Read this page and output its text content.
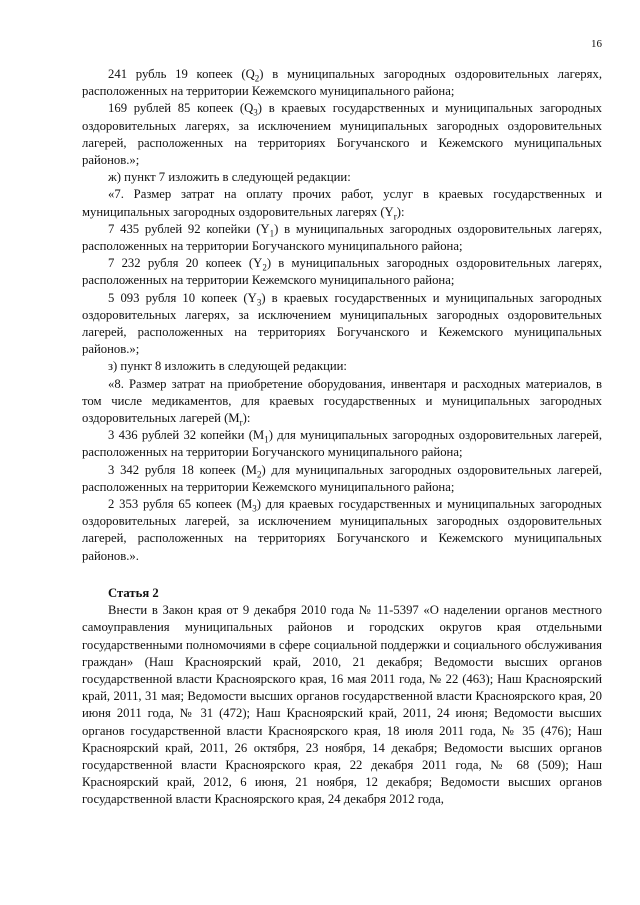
16

241 рубль 19 копеек $(Q_2)$ в муниципальных загородных оздоровительных лагерях, расположенных на территории Кежемского муниципального района;

169 рублей 85 копеек $(Q_3)$ в краевых государственных и муниципальных загородных оздоровительных лагерях, за исключением муниципальных загородных оздоровительных лагерей, расположенных на территориях Богучанского и Кежемского муниципальных районов.»;

ж) пункт 7 изложить в следующей редакции:

«7. Размер затрат на оплату прочих работ, услуг в краевых государственных и муниципальных загородных оздоровительных лагерях $(Y_r)$:

7 435 рублей 92 копейки $(Y_1)$ в муниципальных загородных оздоровительных лагерях, расположенных на территории Богучанского муниципального района;

7 232 рубля 20 копеек $(Y_2)$ в муниципальных загородных оздоровительных лагерях, расположенных на территории Кежемского муниципального района;

5 093 рубля 10 копеек $(Y_3)$ в краевых государственных и муниципальных загородных оздоровительных лагерях, за исключением муниципальных загородных оздоровительных лагерей, расположенных на территориях Богучанского и Кежемского муниципальных районов.»;

з) пункт 8 изложить в следующей редакции:

«8. Размер затрат на приобретение оборудования, инвентаря и расходных материалов, в том числе медикаментов, для краевых государственных и муниципальных загородных оздоровительных лагерей $(M_r)$:

3 436 рублей 32 копейки $(M_1)$ для муниципальных загородных оздоровительных лагерей, расположенных на территории Богучанского муниципального района;

3 342 рубля 18 копеек $(M_2)$ для муниципальных загородных оздоровительных лагерей, расположенных на территории Кежемского муниципального района;

2 353 рубля 65 копеек $(M_3)$ для краевых государственных и муниципальных загородных оздоровительных лагерей, за исключением муниципальных загородных оздоровительных лагерей, расположенных на территориях Богучанского и Кежемского муниципальных районов.».

Статья 2

Внести в Закон края от 9 декабря 2010 года № 11-5397 «О наделении органов местного самоуправления муниципальных районов и городских округов края отдельными государственными полномочиями в сфере социальной поддержки и социального обслуживания граждан» (Наш Красноярский край, 2010, 21 декабря; Ведомости высших органов государственной власти Красноярского края, 16 мая 2011 года, № 22 (463); Наш Красноярский край, 2011, 31 мая; Ведомости высших органов государственной власти Красноярского края, 20 июня 2011 года, № 31 (472); Наш Красноярский край, 2011, 24 июня; Ведомости высших органов государственной власти Красноярского края, 18 июля 2011 года, № 35 (476); Наш Красноярский край, 2011, 26 октября, 23 ноября, 14 декабря; Ведомости высших органов государственной власти Красноярского края, 22 декабря 2011 года, № 68 (509); Наш Красноярский край, 2012, 6 июня, 21 ноября, 12 декабря; Ведомости высших органов государственной власти Красноярского края, 24 декабря 2012 года,
